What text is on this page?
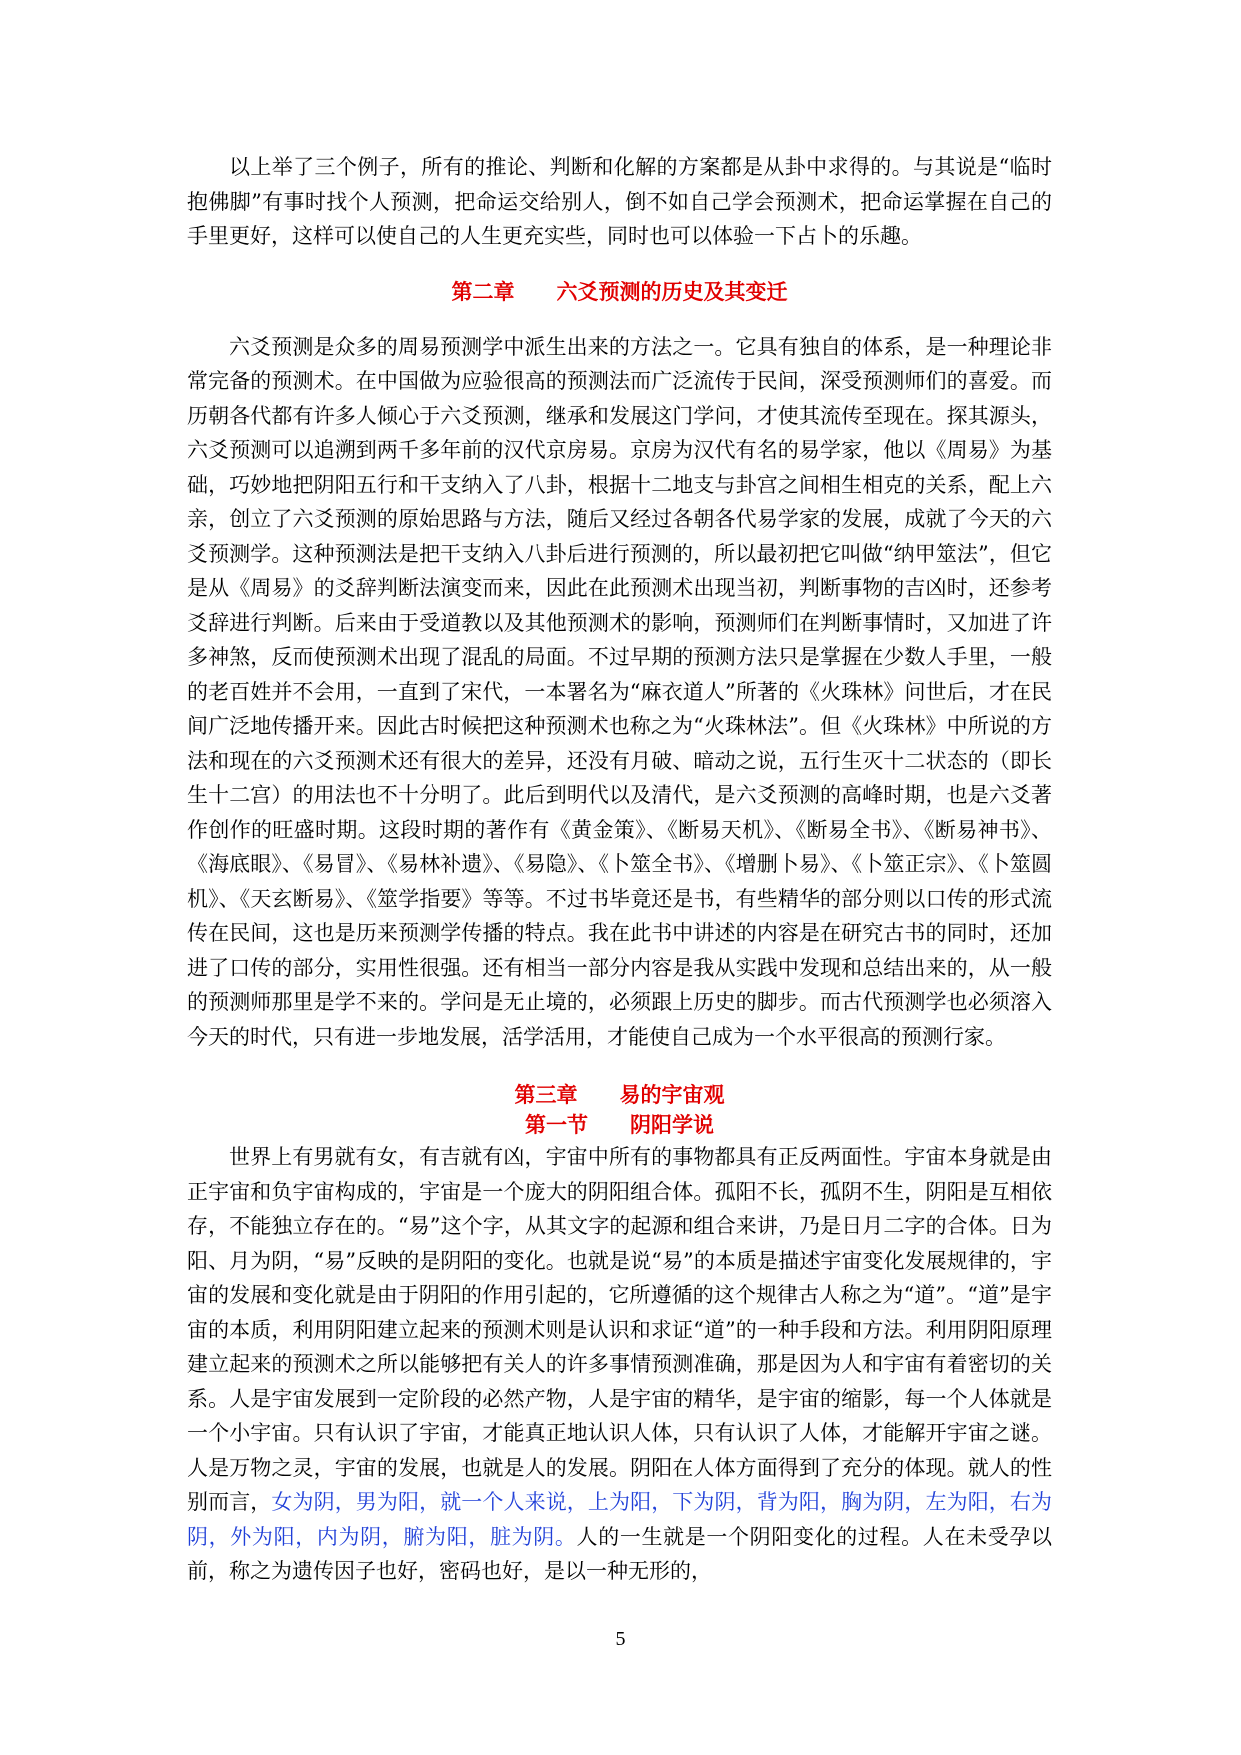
以上举了三个例子，所有的推论、判断和化解的方案都是从卦中求得的。与其说是“临时抱佛脚”有事时找个人预测，把命运交给别人，倒不如自己学会预测术，把命运掌握在自己的手里更好，这样可以使自己的人生更充实些，同时也可以体验一下占卜的乐趣。

第二章 六爻预测的历史及其变迁

六爻预测是众多的周易预测学中派生出来的方法之一。它具有独自的体系，是一种理论非常完备的预测术。在中国做为应验很高的预测法而广泛流传于民间，深受预测师们的喜爱。而历朝各代都有许多人倾心于六爻预测，继承和发展这门学问，才使其流传至现在。探其源头，六爻预测可以追溯到两千多年前的汉代京房易。京房为汉代有名的易学家，他以《周易》为基础，巧妙地把阴阳五行和干支纳入了八卦，根据十二地支与卦宫之间相生相克的关系，配上六亲，创立了六爻预测的原始思路与方法，随后又经过各朝各代易学家的发展，成就了今天的六爻预测学。这种预测法是把干支纳入八卦后进行预测的，所以最初把它叫做“纳甲筮法”，但它是从《周易》的爻辞判断法演变而来，因此在此预测术出现当初，判断事物的吉凶时，还参考爻辞进行判断。后来由于受道教以及其他预测术的影响，预测师们在判断事情时，又加进了许多神煞，反而使预测术出现了混乱的局面。不过早期的预测方法只是掌握在少数人手里，一般的老百姓并不会用，一直到了宋代，一本署名为“麻衣道人”所著的《火珠林》问世后，才在民间广泛地传播开来。因此古时候把这种预测术也称之为“火珠林法”。但《火珠林》中所说的方法和现在的六爻预测术还有很大的差异，还没有月破、暗动之说，五行生灭十二状态的（即长生十二宫）的用法也不十分明了。此后到明代以及清代，是六爻预测的高峰时期，也是六爻著作创作的旺盛时期。这段时期的著作有《黄金策》、《断易天机》、《断易全书》、《断易神书》、《海底眼》、《易冒》、《易林补遗》、《易隐》、《卜筮全书》、《增删卜易》、《卜筮正宗》、《卜筮圆机》、《天玄断易》、《筮学指要》等等。不过书毕竟还是书，有些精华的部分则以口传的形式流传在民间，这也是历来预测学传播的特点。我在此书中讲述的内容是在研究古书的同时，还加进了口传的部分，实用性很强。还有相当一部分内容是我从实践中发现和总结出来的，从一般的预测师那里是学不来的。学问是无止境的，必须跟上历史的脚步。而古代预测学也必须溶入今天的时代，只有进一步地发展，活学活用，才能使自己成为一个水平很高的预测行家。

第三章 易的宇宙观

第一节 阴阳学说

世界上有男就有女，有吉就有凶，宇宙中所有的事物都具有正反两面性。宇宙本身就是由正宇宙和负宇宙构成的，宇宙是一个庞大的阴阳组合体。孤阳不长，孤阴不生，阴阳是互相依存，不能独立存在的。“易”这个字，从其文字的起源和组合来讲，乃是日月二字的合体。日为阳、月为阴，“易”反映的是阴阳的变化。也就是说“易”的本质是描述宇宙变化发展规律的，宇宙的发展和变化就是由于阴阳的作用引起的，它所遵循的这个规律古人称之为“道”。“道”是宇宙的本质，利用阴阳建立起来的预测术则是认识和求证“道”的一种手段和方法。利用阴阳原理建立起来的预测术之所以能够把有关人的许多事情预测准确，那是因为人和宇宙有着密切的关系。人是宇宙发展到一定阶段的必然产物，人是宇宙的精华，是宇宙的缩影，每一个人体就是一个小宇宙。只有认识了宇宙，才能真正地认识人体，只有认识了人体，才能解开宇宙之谜。人是万物之灵，宇宙的发展，也就是人的发展。阴阳在人体方面得到了充分的体现。就人的性别而言，女为阴，男为阳，就一个人来说，上为阳，下为阴，背为阳，胸为阴，左为阳，右为阴，外为阳，内为阴，腑为阳，脏为阴。人的一生就是一个阴阳变化的过程。人在未受孕以前，称之为遗传因子也好，密码也好，是以一种无形的，

5
